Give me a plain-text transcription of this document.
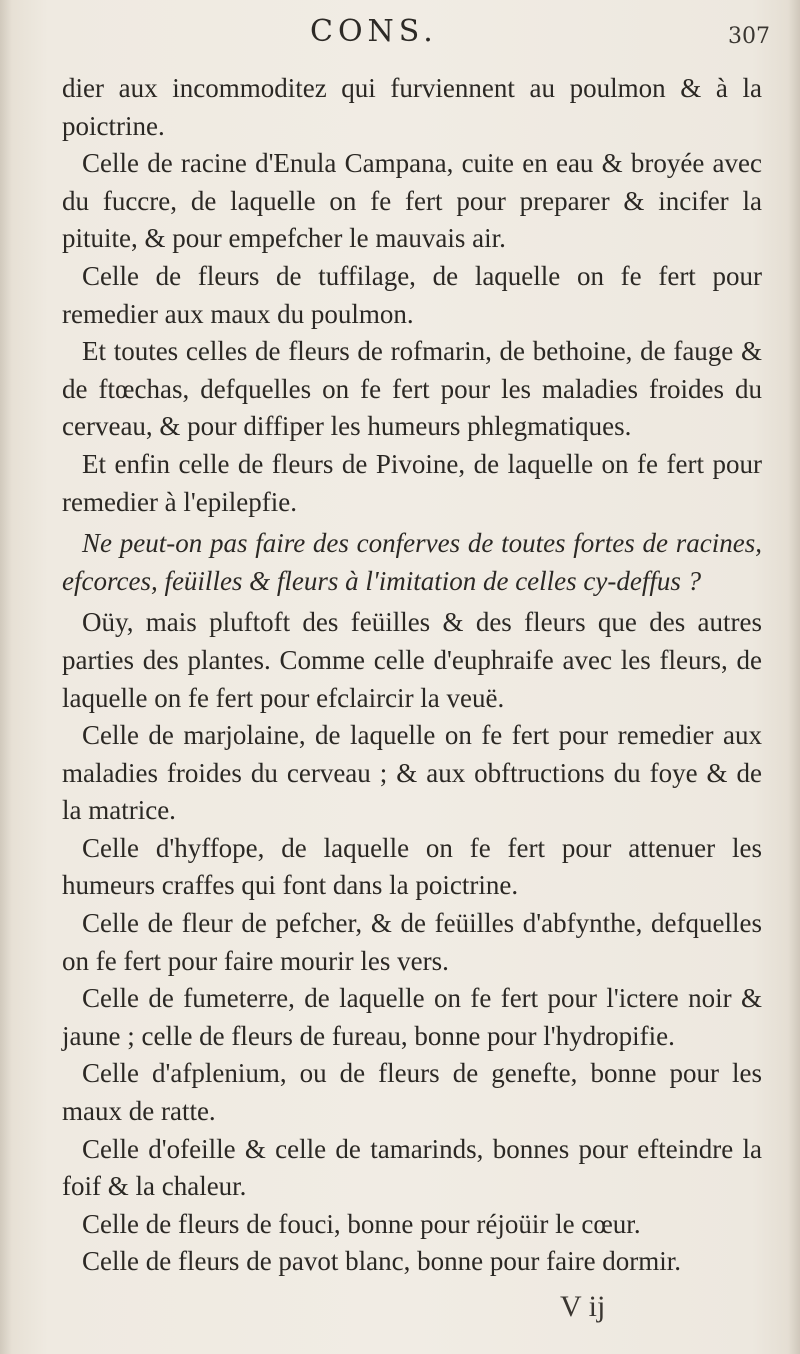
CONS.	307

dier aux incommoditez qui furviennent au poulmon & à la poictrine.

Celle de racine d'Enula Campana, cuite en eau & broyée avec du fuccre, de laquelle on fe fert pour preparer & incifer la pituite, & pour empefcher le mauvais air.

Celle de fleurs de tuffilage, de laquelle on fe fert pour remedier aux maux du poulmon.

Et toutes celles de fleurs de rofmarin, de bethoine, de fauge & de ftœchas, defquelles on fe fert pour les maladies froides du cerveau, & pour diffiper les humeurs phlegmatiques.

Et enfin celle de fleurs de Pivoine, de laquelle on fe fert pour remedier à l'epilepfie.

Ne peut-on pas faire des conferves de toutes fortes de racines, efcorces, feüilles & fleurs à l'imitation de celles cy-deffus ?

Oüy, mais pluftoft des feüilles & des fleurs que des autres parties des plantes. Comme celle d'euphraife avec les fleurs, de laquelle on fe fert pour efclaircir la veuë.

Celle de marjolaine, de laquelle on fe fert pour remedier aux maladies froides du cerveau ; & aux obftructions du foye & de la matrice.

Celle d'hyffope, de laquelle on fe fert pour attenuer les humeurs craffes qui font dans la poictrine.

Celle de fleur de pefcher, & de feüilles d'abfynthe, defquelles on fe fert pour faire mourir les vers.

Celle de fumeterre, de laquelle on fe fert pour l'ictere noir & jaune ; celle de fleurs de fureau, bonne pour l'hydropifie.

Celle d'afplenium, ou de fleurs de genefte, bonne pour les maux de ratte.

Celle d'ofeille & celle de tamarinds, bonnes pour efteindre la foif & la chaleur.

Celle de fleurs de fouci, bonne pour réjoüir le cœur.

Celle de fleurs de pavot blanc, bonne pour faire dormir.

V ij
